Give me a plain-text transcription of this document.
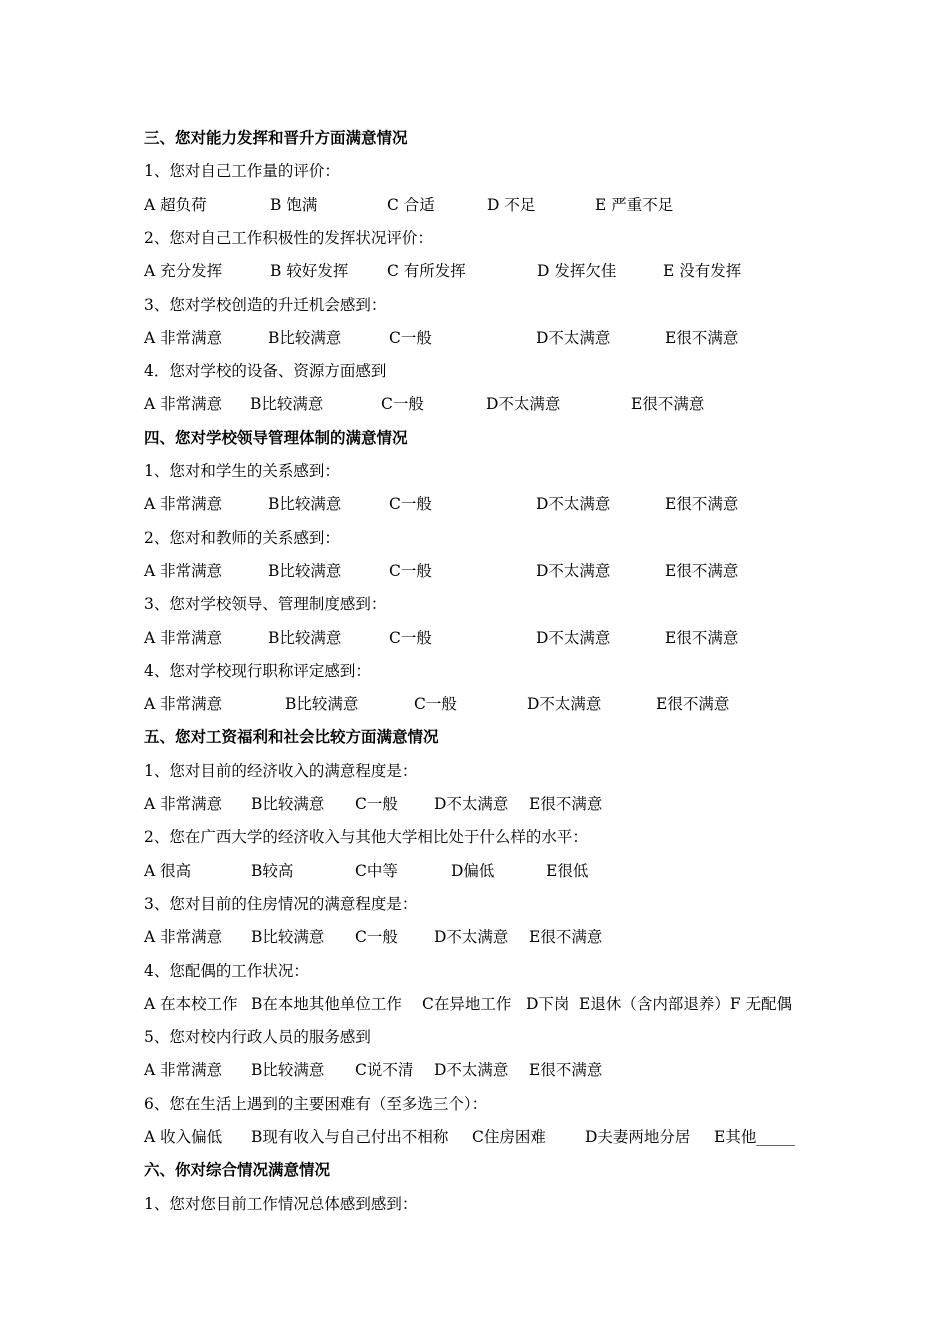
三、您对能力发挥和晋升方面满意情况
1、您对自己工作量的评价：
A 超负荷	B 饱满	C 合适	D 不足	E 严重不足
2、您对自己工作积极性的发挥状况评价：
A 充分发挥	B 较好发挥 C 有所发挥	D 发挥欠佳	E 没有发挥
3、您对学校创造的升迁机会感到：
A 非常满意	B比较满意	C一般	D不太满意	E很不满意
4．您对学校的设备、资源方面感到
A 非常满意 B比较满意	C一般	D不太满意	E很不满意
四、您对学校领导管理体制的满意情况
1、您对和学生的关系感到：
A 非常满意	B比较满意	C一般	D不太满意	E很不满意
2、您对和教师的关系感到：
A 非常满意	B比较满意	C一般	D不太满意	E很不满意
3、您对学校领导、管理制度感到：
A 非常满意	B比较满意	C一般	D不太满意	E很不满意
4、您对学校现行职称评定感到：
A 非常满意	B比较满意	C一般	D不太满意	E很不满意
五、您对工资福利和社会比较方面满意情况
1、您对目前的经济收入的满意程度是：
A 非常满意 B比较满意 C一般 D不太满意 E很不满意
2、您在广西大学的经济收入与其他大学相比处于什么样的水平：
A 很高	B较高	C中等	D偏低	E很低
3、您对目前的住房情况的满意程度是：
A 非常满意 B比较满意 C一般 D不太满意 E很不满意
4、您配偶的工作状况：
A 在本校工作 B在本地其他单位工作 C在异地工作 D下岗 E退休（含内部退养）F 无配偶
5、您对校内行政人员的服务感到
A 非常满意 B比较满意 C说不清 D不太满意 E很不满意
6、您在生活上遇到的主要困难有（至多选三个）：
A 收入偏低 B现有收入与自己付出不相称 C住房困难	D夫妻两地分居 E其他_____
六、你对综合情况满意情况
1、您对您目前工作情况总体感到感到：
